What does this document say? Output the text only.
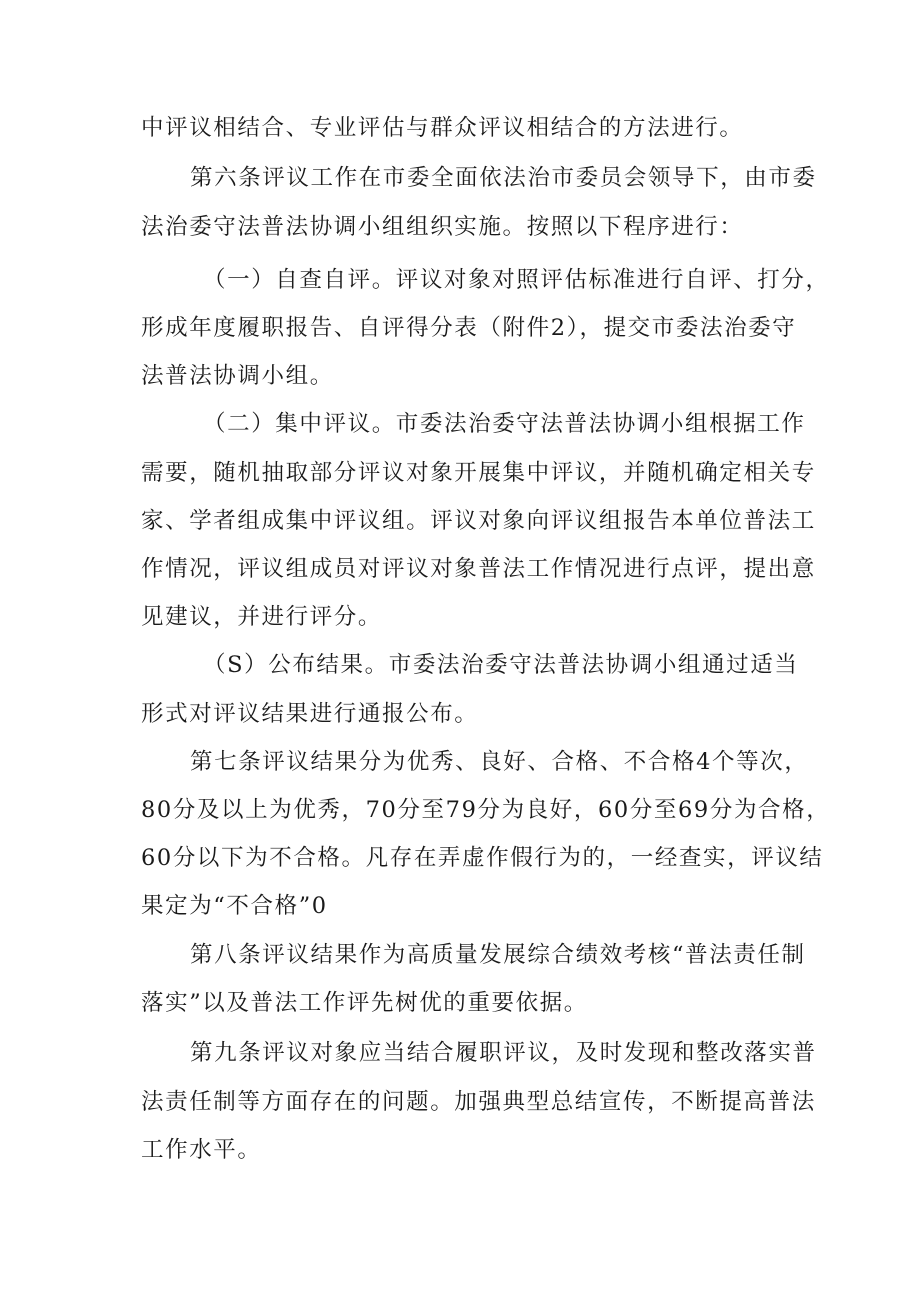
中评议相结合、专业评估与群众评议相结合的方法进行。
第六条评议工作在市委全面依法治市委员会领导下，由市委
法治委守法普法协调小组组织实施。按照以下程序进行：
（一）自查自评。评议对象对照评估标准进行自评、打分，
形成年度履职报告、自评得分表（附件2），提交市委法治委守
法普法协调小组。
（二）集中评议。市委法治委守法普法协调小组根据工作
需要，随机抽取部分评议对象开展集中评议，并随机确定相关专
家、学者组成集中评议组。评议对象向评议组报告本单位普法工
作情况，评议组成员对评议对象普法工作情况进行点评，提出意
见建议，并进行评分。
（S）公布结果。市委法治委守法普法协调小组通过适当
形式对评议结果进行通报公布。
第七条评议结果分为优秀、良好、合格、不合格4个等次，
80分及以上为优秀，70分至79分为良好，60分至69分为合格，
60分以下为不合格。凡存在弄虚作假行为的，一经查实，评议结
果定为“不合格”0
第八条评议结果作为高质量发展综合绩效考核“普法责任制
落实”以及普法工作评先树优的重要依据。
第九条评议对象应当结合履职评议，及时发现和整改落实普
法责任制等方面存在的问题。加强典型总结宣传，不断提高普法
工作水平。
